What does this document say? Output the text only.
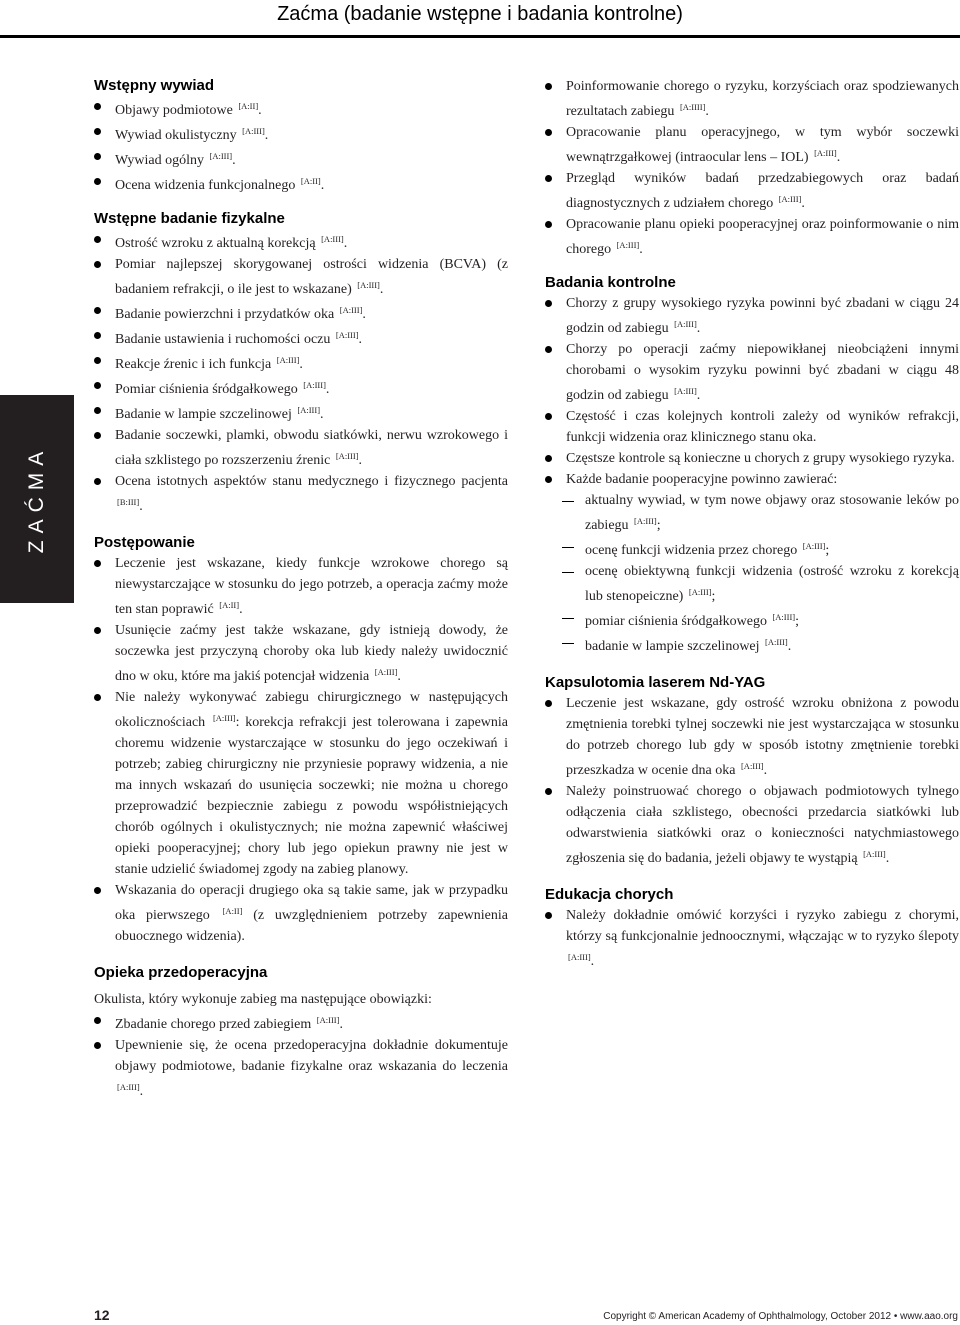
Zaćma (badanie wstępne i badania kontrolne)
ZAĆMA
Wstępny wywiad
Objawy podmiotowe [A:II].
Wywiad okulistyczny [A:III].
Wywiad ogólny [A:III].
Ocena widzenia funkcjonalnego [A:II].
Wstępne badanie fizykalne
Ostrość wzroku z aktualną korekcją [A:III].
Pomiar najlepszej skorygowanej ostrości widzenia (BCVA) (z badaniem refrakcji, o ile jest to wskazane) [A:III].
Badanie powierzchni i przydatków oka [A:III].
Badanie ustawienia i ruchomości oczu [A:III].
Reakcje źrenic i ich funkcja [A:III].
Pomiar ciśnienia śródgałkowego [A:III].
Badanie w lampie szczelinowej [A:III].
Badanie soczewki, plamki, obwodu siatkówki, nerwu wzrokowego i ciała szklistego po rozszerzeniu źrenic [A:III].
Ocena istotnych aspektów stanu medycznego i fizycznego pacjenta [B:III].
Postępowanie
Leczenie jest wskazane, kiedy funkcje wzrokowe chorego są niewystarczające w stosunku do jego potrzeb, a operacja zaćmy może ten stan poprawić [A:II].
Usunięcie zaćmy jest także wskazane, gdy istnieją dowody, że soczewka jest przyczyną choroby oka lub kiedy należy uwidocznić dno w oku, które ma jakiś potencjał widzenia [A:III].
Nie należy wykonywać zabiegu chirurgicznego w następujących okolicznościach [A:III]: korekcja refrakcji jest tolerowana i zapewnia choremu widzenie wystarczające w stosunku do jego oczekiwań i potrzeb; zabieg chirurgiczny nie przyniesie poprawy widzenia, a nie ma innych wskazań do usunięcia soczewki; nie można u chorego przeprowadzić bezpiecznie zabiegu z powodu współistniejących chorób ogólnych i okulistycznych; nie można zapewnić właściwej opieki pooperacyjnej; chory lub jego opiekun prawny nie jest w stanie udzielić świadomej zgody na zabieg planowy.
Wskazania do operacji drugiego oka są takie same, jak w przypadku oka pierwszego [A:II] (z uwzględnieniem potrzeby zapewnienia obuocznego widzenia).
Opieka przedoperacyjna

Okulista, który wykonuje zabieg ma następujące obowiązki:

Zbadanie chorego przed zabiegiem [A:III].
Upewnienie się, że ocena przedoperacyjna dokładnie dokumentuje objawy podmiotowe, badanie fizykalne oraz wskazania do leczenia [A:III].
Poinformowanie chorego o ryzyku, korzyściach oraz spodziewanych rezultatach zabiegu [A:IIII].
Opracowanie planu operacyjnego, w tym wybór soczewki wewnątrzgałkowej (intraocular lens – IOL) [A:III].
Przegląd wyników badań przedzabiegowych oraz badań diagnostycznych z udziałem chorego [A:III].
Opracowanie planu opieki pooperacyjnej oraz poinformowanie o nim chorego [A:III].
Badania kontrolne
Chorzy z grupy wysokiego ryzyka powinni być zbadani w ciągu 24 godzin od zabiegu [A:III].
Chorzy po operacji zaćmy niepowikłanej nieobciążeni innymi chorobami o wysokim ryzyku powinni być zbadani w ciągu 48 godzin od zabiegu [A:III].
Częstość i czas kolejnych kontroli zależy od wyników refrakcji, funkcji widzenia oraz klinicznego stanu oka.
Częstsze kontrole są konieczne u chorych z grupy wysokiego ryzyka.
Każde badanie pooperacyjne powinno zawierać:
aktualny wywiad, w tym nowe objawy oraz stosowanie leków po zabiegu [A:III];
ocenę funkcji widzenia przez chorego [A:III];
ocenę obiektywną funkcji widzenia (ostrość wzroku z korekcją lub stenopeiczne) [A:III];
pomiar ciśnienia śródgałkowego [A:III];
badanie w lampie szczelinowej [A:III].
Kapsulotomia laserem Nd-YAG
Leczenie jest wskazane, gdy ostrość wzroku obniżona z powodu zmętnienia torebki tylnej soczewki nie jest wystarczająca w stosunku do potrzeb chorego lub gdy w sposób istotny zmętnienie torebki przeszkadza w ocenie dna oka [A:III].
Należy poinstruować chorego o objawach podmiotowych tylnego odłączenia ciała szklistego, obecności przedarcia siatkówki lub odwarstwienia siatkówki oraz o konieczności natychmiastowego zgłoszenia się do badania, jeżeli objawy te wystąpią [A:III].
Edukacja chorych
Należy dokładnie omówić korzyści i ryzyko zabiegu z chorymi, którzy są funkcjonalnie jednoocznymi, włączając w to ryzyko ślepoty [A:III].
12	Copyright © American Academy of Ophthalmology, October 2012 • www.aao.org
